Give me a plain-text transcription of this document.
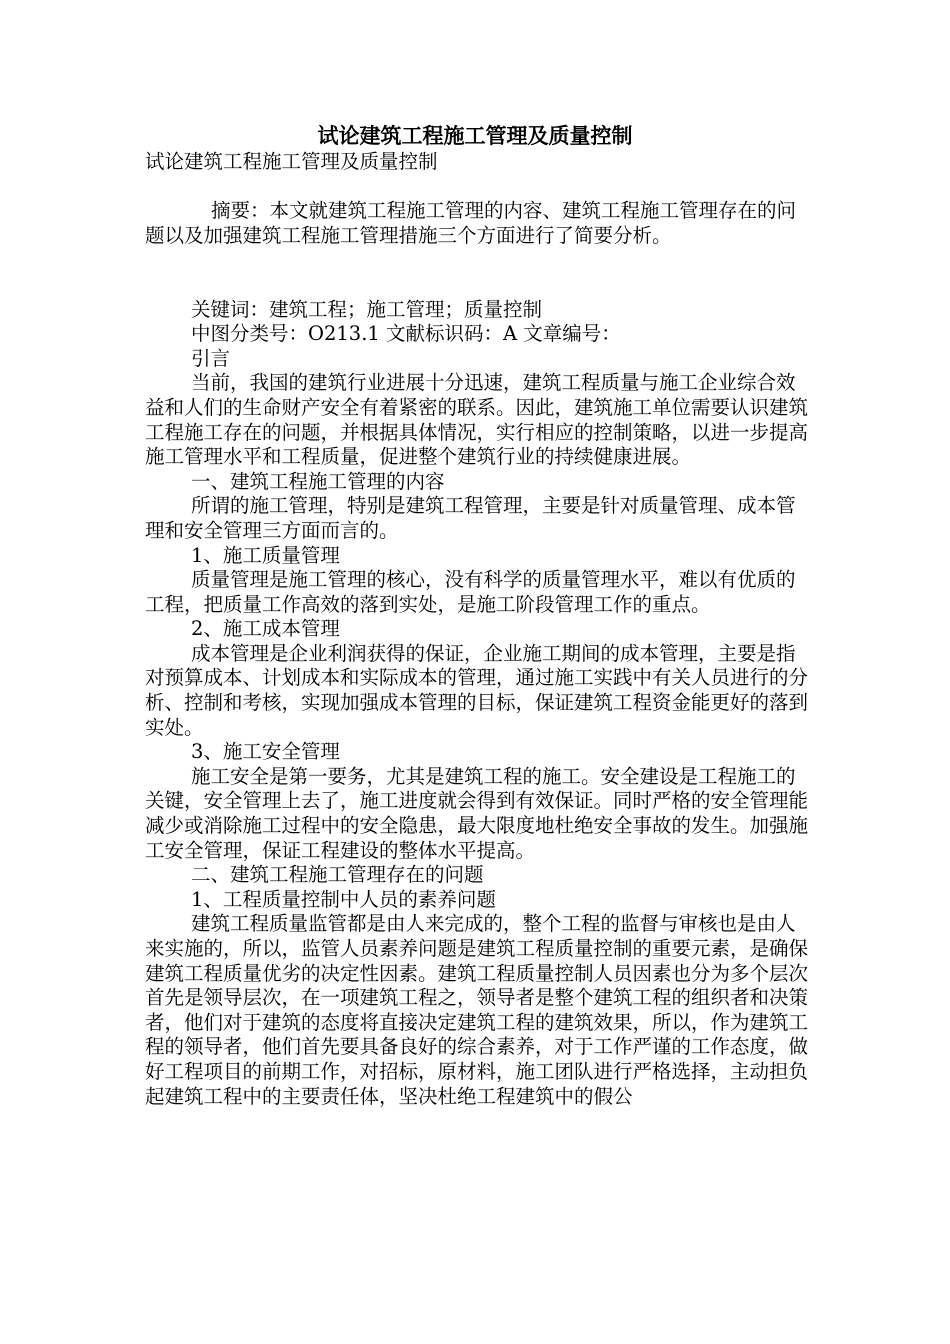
试论建筑工程施工管理及质量控制

试论建筑工程施工管理及质量控制

摘要：本文就建筑工程施工管理的内容、建筑工程施工管理存在的问题以及加强建筑工程施工管理措施三个方面进行了简要分析。

关键词：建筑工程；施工管理；质量控制

中图分类号：O213.1 文献标识码：A 文章编号：

引言

当前，我国的建筑行业进展十分迅速，建筑工程质量与施工企业综合效益和人们的生命财产安全有着紧密的联系。因此，建筑施工单位需要认识建筑工程施工存在的问题，并根据具体情况，实行相应的控制策略，以进一步提高施工管理水平和工程质量，促进整个建筑行业的持续健康进展。

一、建筑工程施工管理的内容

所谓的施工管理，特别是建筑工程管理，主要是针对质量管理、成本管理和安全管理三方面而言的。

1、施工质量管理

质量管理是施工管理的核心，没有科学的质量管理水平，难以有优质的工程，把质量工作高效的落到实处，是施工阶段管理工作的重点。

2、施工成本管理

成本管理是企业利润获得的保证，企业施工期间的成本管理，主要是指对预算成本、计划成本和实际成本的管理，通过施工实践中有关人员进行的分析、控制和考核，实现加强成本管理的目标，保证建筑工程资金能更好的落到实处。

3、施工安全管理

施工安全是第一要务，尤其是建筑工程的施工。安全建设是工程施工的关键，安全管理上去了，施工进度就会得到有效保证。同时严格的安全管理能减少或消除施工过程中的安全隐患，最大限度地杜绝安全事故的发生。加强施工安全管理，保证工程建设的整体水平提高。

二、建筑工程施工管理存在的问题

1、工程质量控制中人员的素养问题

建筑工程质量监管都是由人来完成的，整个工程的监督与审核也是由人来实施的，所以，监管人员素养问题是建筑工程质量控制的重要元素，是确保建筑工程质量优劣的决定性因素。建筑工程质量控制人员因素也分为多个层次首先是领导层次，在一项建筑工程之，领导者是整个建筑工程的组织者和决策者，他们对于建筑的态度将直接决定建筑工程的建筑效果，所以，作为建筑工程的领导者，他们首先要具备良好的综合素养，对于工作严谨的工作态度，做好工程项目的前期工作，对招标，原材料，施工团队进行严格选择，主动担负起建筑工程中的主要责任体，坚决杜绝工程建筑中的假公
